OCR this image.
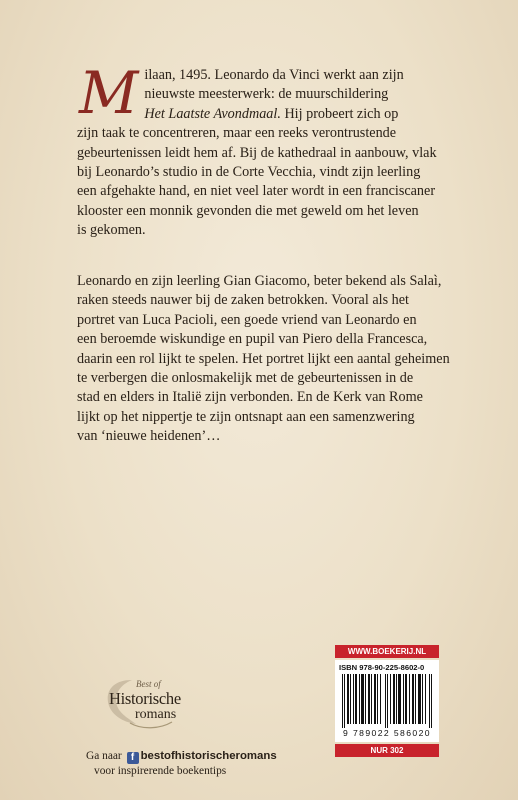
M ilaan, 1495. Leonardo da Vinci werkt aan zijn
nieuwste meesterwerk: de muurschildering
Het Laatste Avondmaal. Hij probeert zich op
zijn taak te concentreren, maar een reeks verontrustende
gebeurtenissen leidt hem af. Bij de kathedraal in aanbouw, vlak
bij Leonardo’s studio in de Corte Vecchia, vindt zijn leerling
een afgehakte hand, en niet veel later wordt in een franciscaner
klooster een monnik gevonden die met geweld om het leven
is gekomen.
Leonardo en zijn leerling Gian Giacomo, beter bekend als Salaì,
raken steeds nauwer bij de zaken betrokken. Vooral als het
portret van Luca Pacioli, een goede vriend van Leonardo en
een beroemde wiskundige en pupil van Piero della Francesca,
daarin een rol lijkt te spelen. Het portret lijkt een aantal geheimen
te verbergen die onlosmakelijk met de gebeurtenissen in de
stad en elders in Italië zijn verbonden. En de Kerk van Rome
lijkt op het nippertje te zijn ontsnapt aan een samenzwering
van ‘nieuwe heidenen’…
Best of
Historische
romans
Ga naar f bestofhistorischeromans
voor inspirerende boekentips
WWW.BOEKERIJ.NL
ISBN 978-90-225-8602-0
9 789022 586020
NUR 302
